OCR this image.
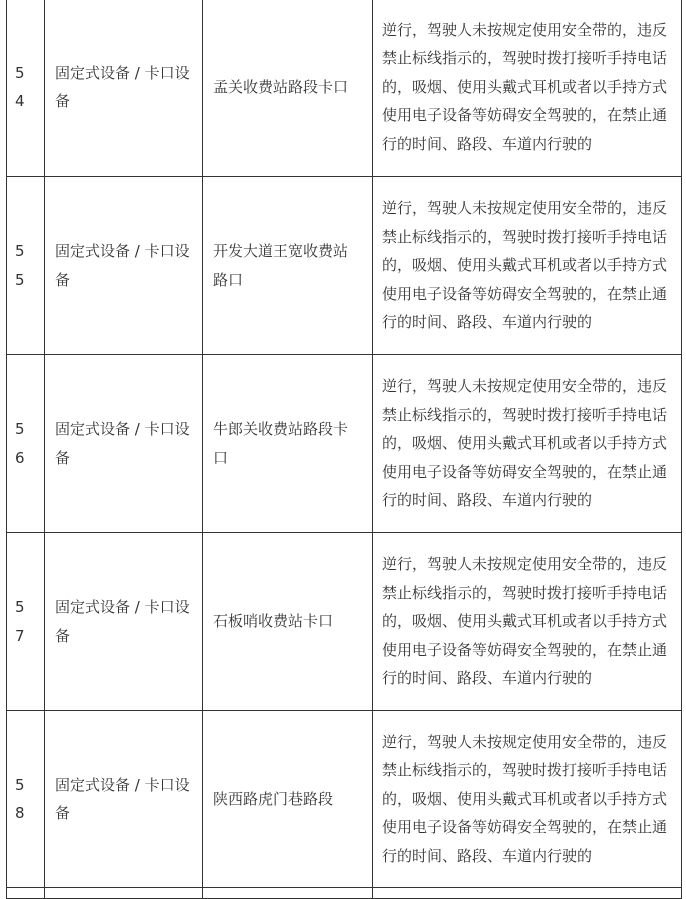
54	固定式设备 / 卡口设备	孟关收费站路段卡口	逆行，驾驶人未按规定使用安全带的，违反禁止标线指示的，驾驶时拨打接听手持电话的，吸烟、使用头戴式耳机或者以手持方式使用电子设备等妨碍安全驾驶的，在禁止通行的时间、路段、车道内行驶的

55	固定式设备 / 卡口设备	开发大道王宽收费站路口	逆行，驾驶人未按规定使用安全带的，违反禁止标线指示的，驾驶时拨打接听手持电话的，吸烟、使用头戴式耳机或者以手持方式使用电子设备等妨碍安全驾驶的，在禁止通行的时间、路段、车道内行驶的

56	固定式设备 / 卡口设备	牛郎关收费站路段卡口	逆行，驾驶人未按规定使用安全带的，违反禁止标线指示的，驾驶时拨打接听手持电话的，吸烟、使用头戴式耳机或者以手持方式使用电子设备等妨碍安全驾驶的，在禁止通行的时间、路段、车道内行驶的

57	固定式设备 / 卡口设备	石板哨收费站卡口	逆行，驾驶人未按规定使用安全带的，违反禁止标线指示的，驾驶时拨打接听手持电话的，吸烟、使用头戴式耳机或者以手持方式使用电子设备等妨碍安全驾驶的，在禁止通行的时间、路段、车道内行驶的

58	固定式设备 / 卡口设备	陕西路虎门巷路段	逆行，驾驶人未按规定使用安全带的，违反禁止标线指示的，驾驶时拨打接听手持电话的，吸烟、使用头戴式耳机或者以手持方式使用电子设备等妨碍安全驾驶的，在禁止通行的时间、路段、车道内行驶的
